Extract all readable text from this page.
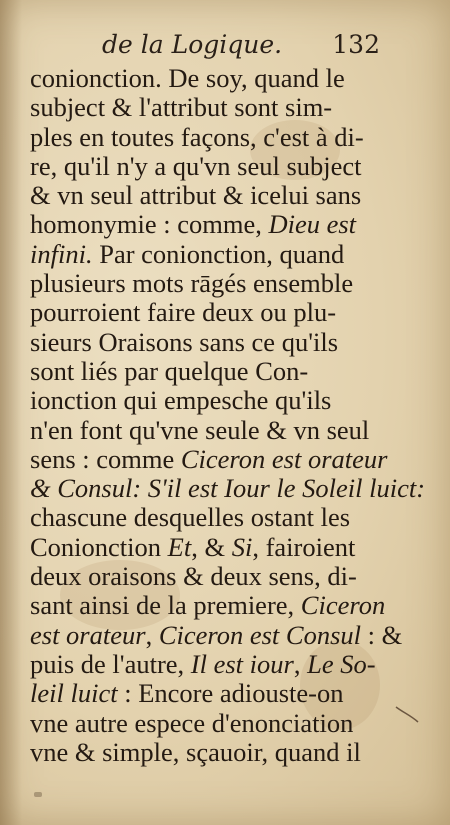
de la Logique. 132
conionction. De soy, quand le
subject & l'attribut sont sim-
ples en toutes façons, c'est à di-
re, qu'il n'y a qu'vn seul subject
& vn seul attribut & icelui sans
homonymie : comme, Dieu est
infini. Par conionction, quand
plusieurs mots rāgés ensemble
pourroient faire deux ou plu-
sieurs Oraisons sans ce qu'ils
sont liés par quelque Con-
ionction qui empesche qu'ils
n'en font qu'vne seule & vn seul
sens : comme Ciceron est orateur
& Consul: S'il est Iour le Soleil luict:
chascune desquelles ostant les
Conionction Et, & Si, fairoient
deux oraisons & deux sens, di-
sant ainsi de la premiere, Ciceron
est orateur, Ciceron est Consul : &
puis de l'autre, Il est iour, Le So-
leil luict : Encore adiouste-on
vne autre espece d'enonciation
vne & simple, sçauoir, quand il
